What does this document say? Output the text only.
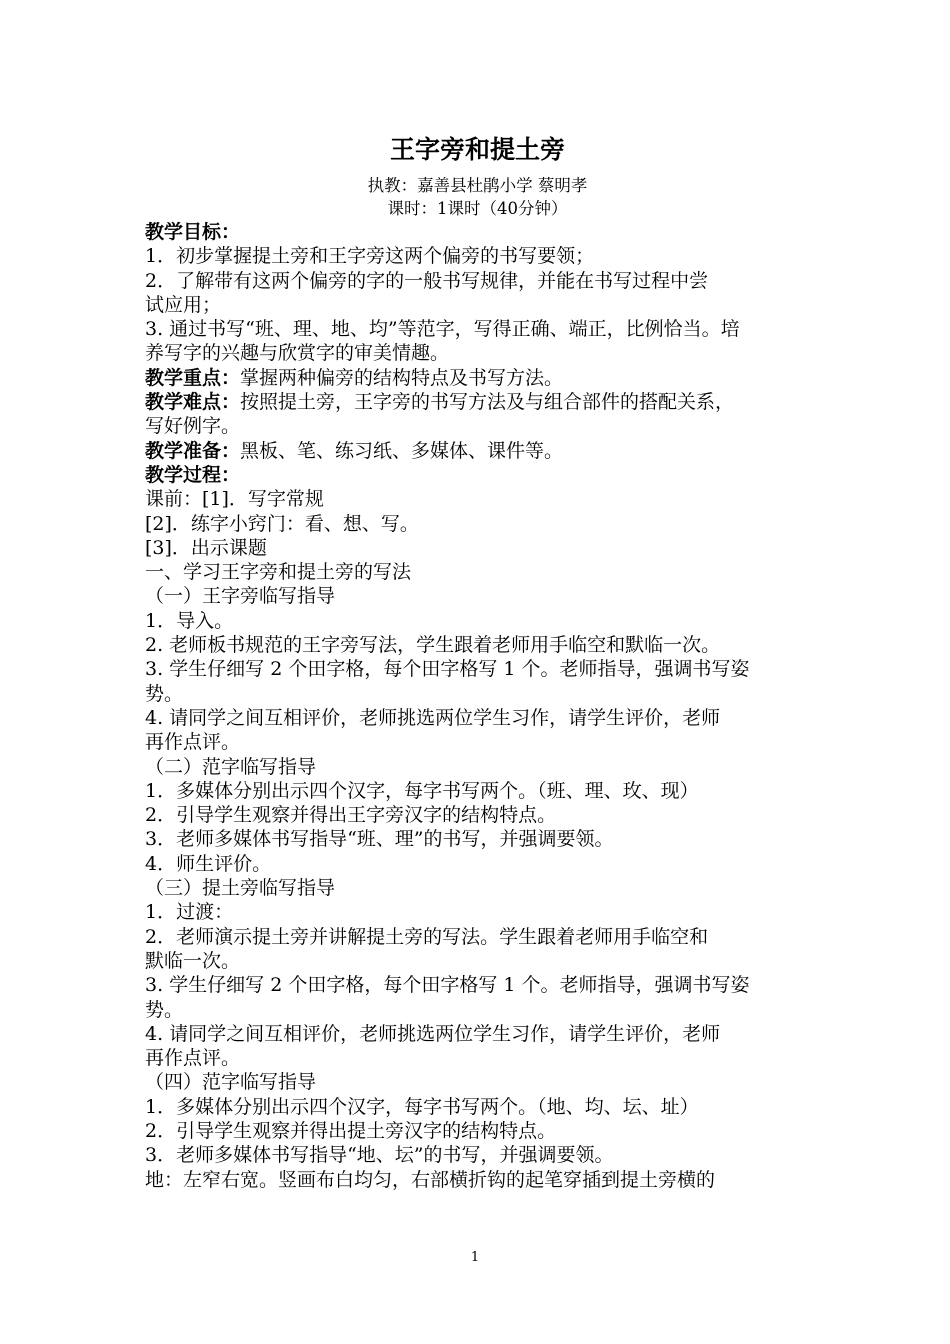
王字旁和提土旁
执教：嘉善县杜鹃小学 蔡明孝
课时：1课时（40分钟）
教学目标：
1．初步掌握提土旁和王字旁这两个偏旁的书写要领；
2．了解带有这两个偏旁的字的一般书写规律，并能在书写过程中尝
试应用；
3. 通过书写“班、理、地、均”等范字，写得正确、端正，比例恰当。培
养写字的兴趣与欣赏字的审美情趣。
教学重点：掌握两种偏旁的结构特点及书写方法。
教学难点：按照提土旁，王字旁的书写方法及与组合部件的搭配关系，
写好例字。
教学准备：黑板、笔、练习纸、多媒体、课件等。
教学过程：
课前：[1]．写字常规
[2]．练字小窍门：看、想、写。
[3]．出示课题
一、学习王字旁和提土旁的写法
（一）王字旁临写指导
1．导入。
2. 老师板书规范的王字旁写法，学生跟着老师用手临空和默临一次。
3. 学生仔细写 2 个田字格，每个田字格写 1 个。老师指导，强调书写姿
势。
4. 请同学之间互相评价，老师挑选两位学生习作，请学生评价，老师
再作点评。
（二）范字临写指导
1．多媒体分别出示四个汉字，每字书写两个。（班、理、玫、现）
2．引导学生观察并得出王字旁汉字的结构特点。
3．老师多媒体书写指导“班、理”的书写，并强调要领。
4．师生评价。
（三）提土旁临写指导
1．过渡：
2．老师演示提土旁并讲解提土旁的写法。学生跟着老师用手临空和
默临一次。
3. 学生仔细写 2 个田字格，每个田字格写 1 个。老师指导，强调书写姿
势。
4. 请同学之间互相评价，老师挑选两位学生习作，请学生评价，老师
再作点评。
（四）范字临写指导
1．多媒体分别出示四个汉字，每字书写两个。（地、均、坛、址）
2．引导学生观察并得出提土旁汉字的结构特点。
3．老师多媒体书写指导“地、坛”的书写，并强调要领。
地：左窄右宽。竖画布白均匀，右部横折钩的起笔穿插到提土旁横的
1
